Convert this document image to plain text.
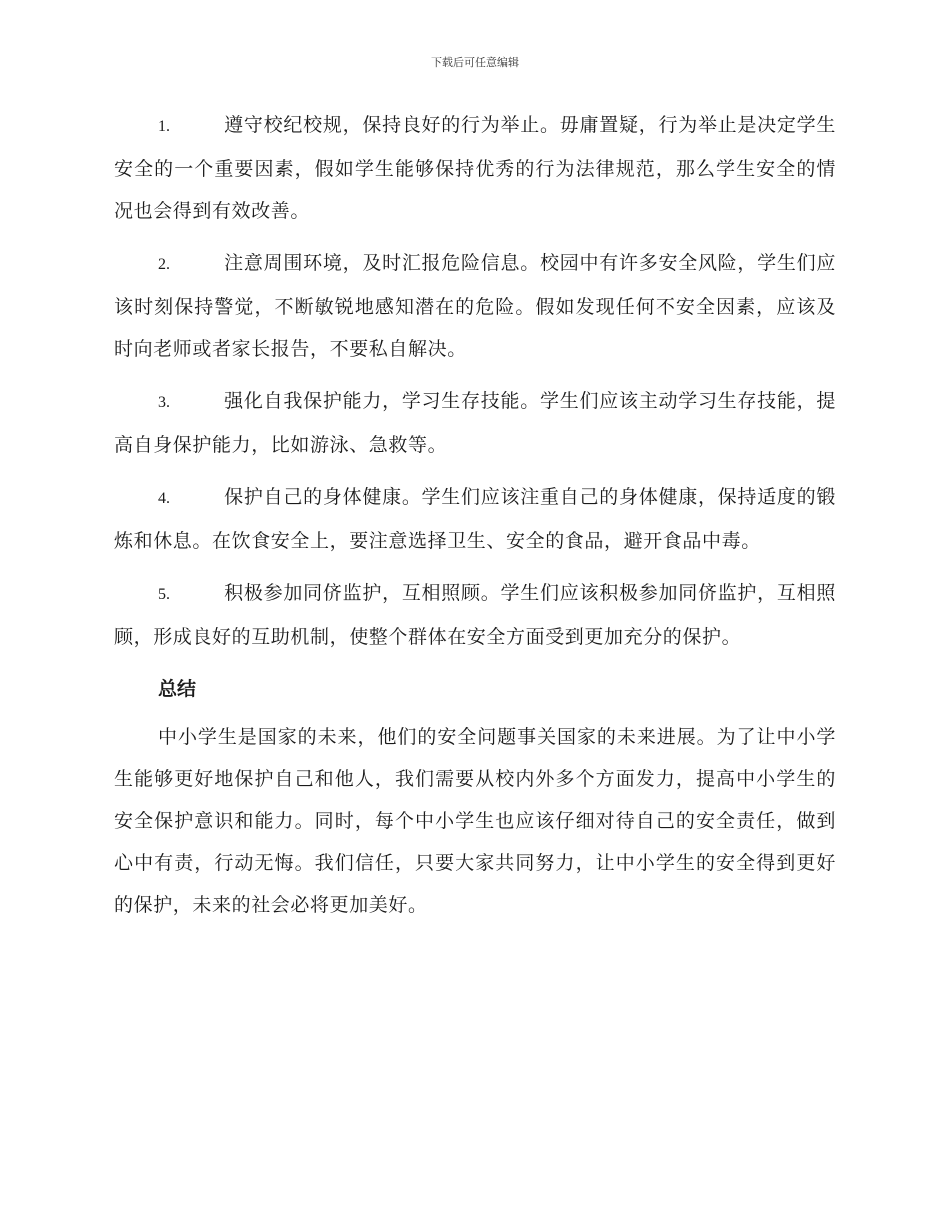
下载后可任意编辑

1.	遵守校纪校规，保持良好的行为举止。毋庸置疑，行为举止是决定学生安全的一个重要因素，假如学生能够保持优秀的行为法律规范，那么学生安全的情况也会得到有效改善。

2.	注意周围环境，及时汇报危险信息。校园中有许多安全风险，学生们应该时刻保持警觉，不断敏锐地感知潜在的危险。假如发现任何不安全因素，应该及时向老师或者家长报告，不要私自解决。

3.	强化自我保护能力，学习生存技能。学生们应该主动学习生存技能，提高自身保护能力，比如游泳、急救等。

4.	保护自己的身体健康。学生们应该注重自己的身体健康，保持适度的锻炼和休息。在饮食安全上，要注意选择卫生、安全的食品，避开食品中毒。

5.	积极参加同侪监护，互相照顾。学生们应该积极参加同侪监护，互相照顾，形成良好的互助机制，使整个群体在安全方面受到更加充分的保护。

总结

中小学生是国家的未来，他们的安全问题事关国家的未来进展。为了让中小学生能够更好地保护自己和他人，我们需要从校内外多个方面发力，提高中小学生的安全保护意识和能力。同时，每个中小学生也应该仔细对待自己的安全责任，做到心中有责，行动无悔。我们信任，只要大家共同努力，让中小学生的安全得到更好的保护，未来的社会必将更加美好。
